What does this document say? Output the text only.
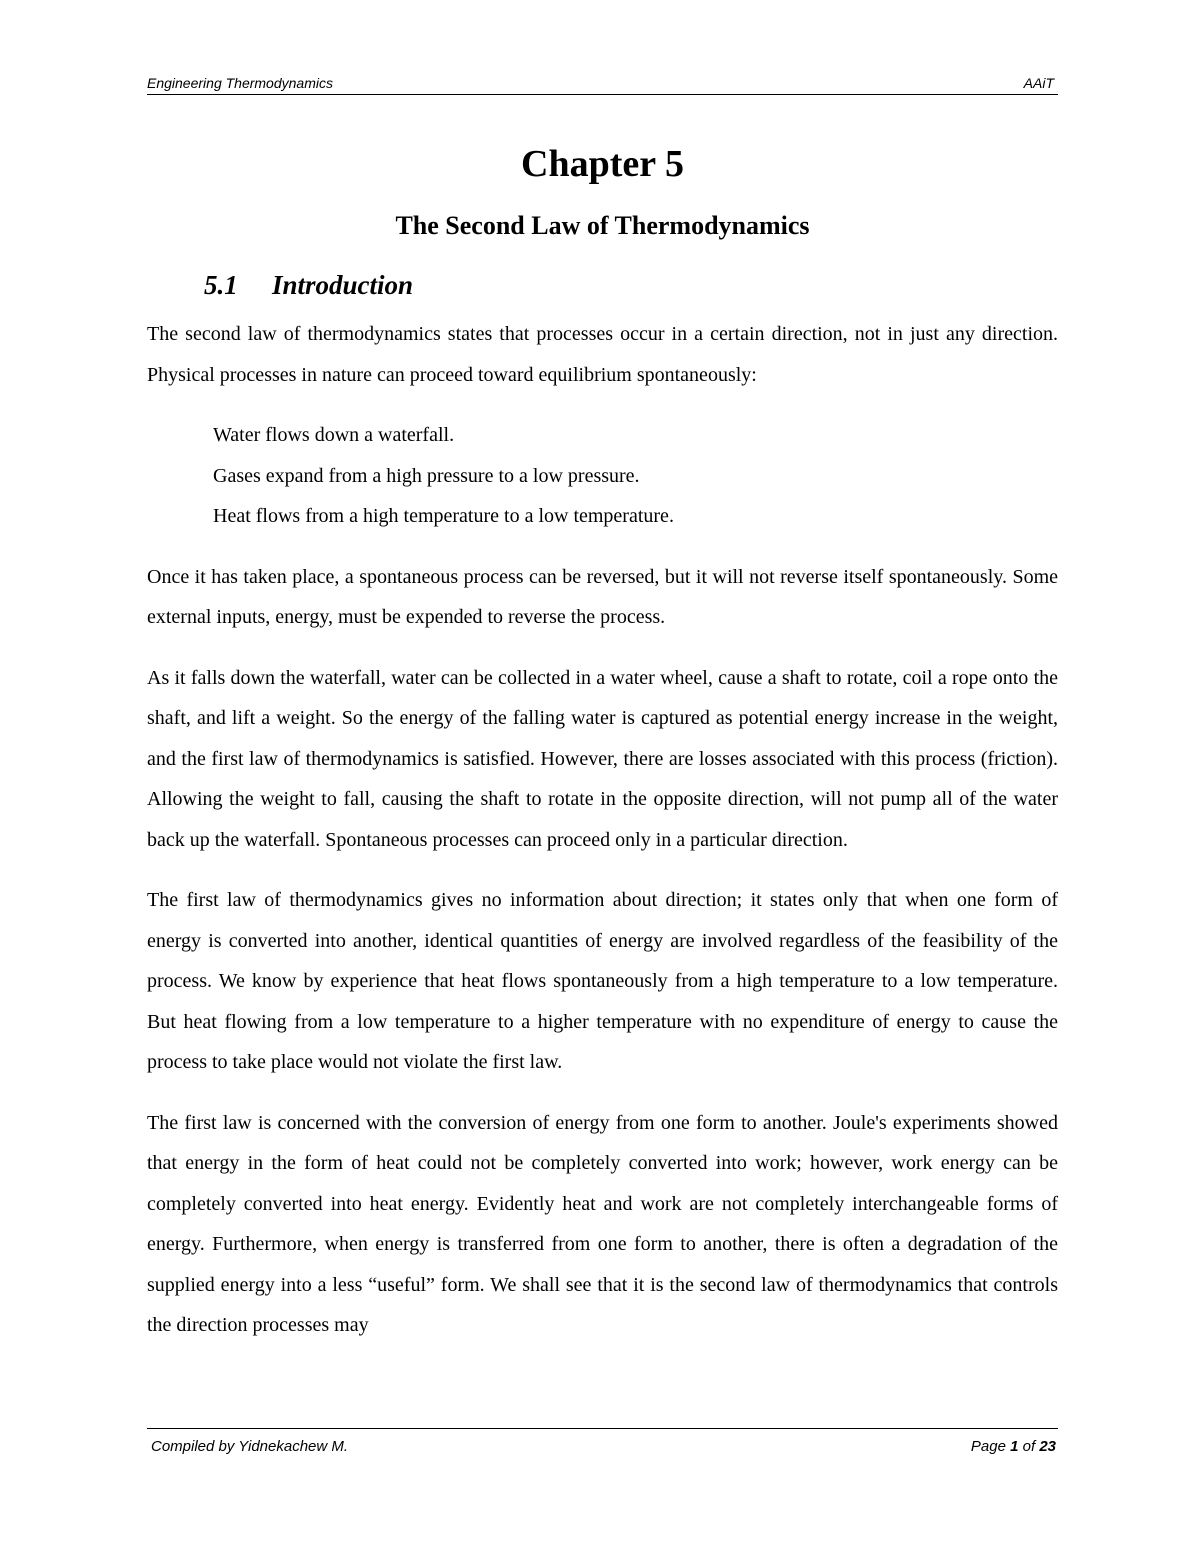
Engineering Thermodynamics	AAiT
Chapter 5
The Second Law of Thermodynamics
5.1 Introduction

The second law of thermodynamics states that processes occur in a certain direction, not in just any direction. Physical processes in nature can proceed toward equilibrium spontaneously:

Water flows down a waterfall.
Gases expand from a high pressure to a low pressure.
Heat flows from a high temperature to a low temperature.

Once it has taken place, a spontaneous process can be reversed, but it will not reverse itself spontaneously. Some external inputs, energy, must be expended to reverse the process.

As it falls down the waterfall, water can be collected in a water wheel, cause a shaft to rotate, coil a rope onto the shaft, and lift a weight. So the energy of the falling water is captured as potential energy increase in the weight, and the first law of thermodynamics is satisfied. However, there are losses associated with this process (friction). Allowing the weight to fall, causing the shaft to rotate in the opposite direction, will not pump all of the water back up the waterfall. Spontaneous processes can proceed only in a particular direction.

The first law of thermodynamics gives no information about direction; it states only that when one form of energy is converted into another, identical quantities of energy are involved regardless of the feasibility of the process. We know by experience that heat flows spontaneously from a high temperature to a low temperature. But heat flowing from a low temperature to a higher temperature with no expenditure of energy to cause the process to take place would not violate the first law.

The first law is concerned with the conversion of energy from one form to another. Joule's experiments showed that energy in the form of heat could not be completely converted into work; however, work energy can be completely converted into heat energy. Evidently heat and work are not completely interchangeable forms of energy. Furthermore, when energy is transferred from one form to another, there is often a degradation of the supplied energy into a less “useful” form. We shall see that it is the second law of thermodynamics that controls the direction processes may

Compiled by Yidnekachew M.	Page 1 of 23
